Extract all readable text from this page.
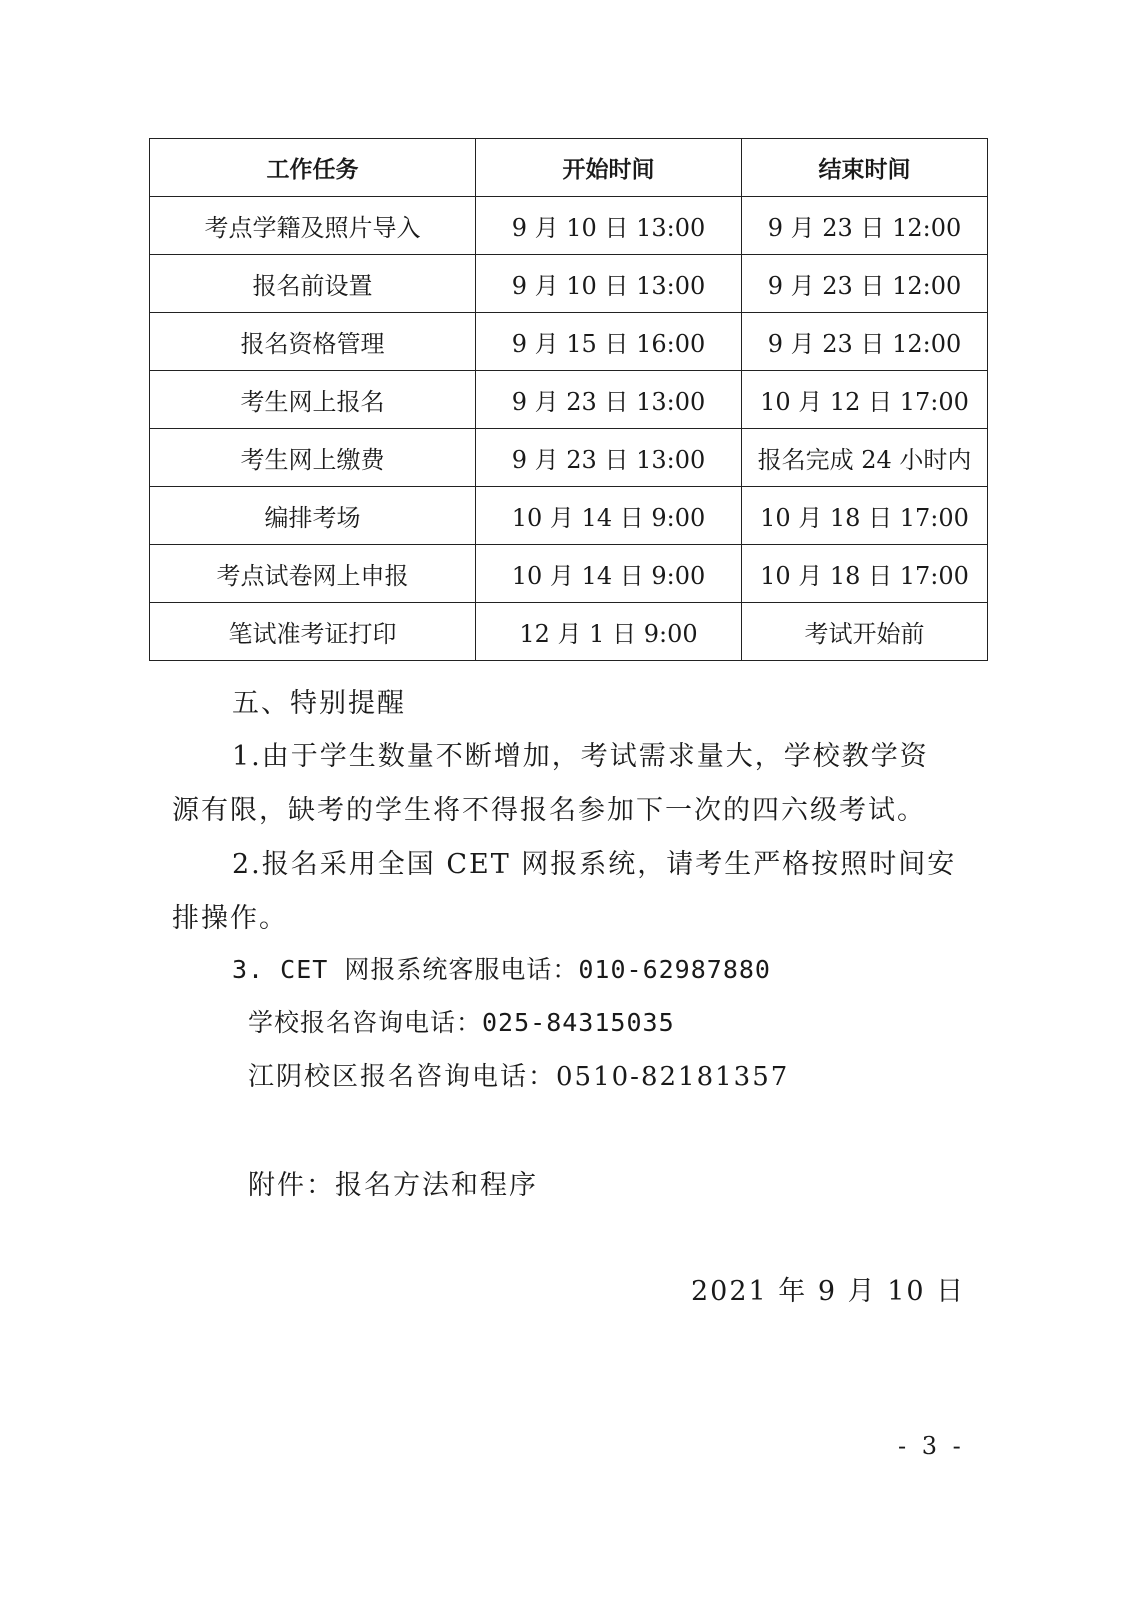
工作任务	开始时间	结束时间
考点学籍及照片导入	9 月 10 日 13:00	9 月 23 日 12:00
报名前设置	9 月 10 日 13:00	9 月 23 日 12:00
报名资格管理	9 月 15 日 16:00	9 月 23 日 12:00
考生网上报名	9 月 23 日 13:00	10 月 12 日 17:00
考生网上缴费	9 月 23 日 13:00	报名完成 24 小时内
编排考场	10 月 14 日 9:00	10 月 18 日 17:00
考点试卷网上申报	10 月 14 日 9:00	10 月 18 日 17:00
笔试准考证打印	12 月 1 日 9:00	考试开始前
五、特别提醒
1.由于学生数量不断增加，考试需求量大，学校教学资
源有限，缺考的学生将不得报名参加下一次的四六级考试。
2.报名采用全国 CET 网报系统，请考生严格按照时间安
排操作。
3. CET 网报系统客服电话：010-62987880
学校报名咨询电话：025-84315035
江阴校区报名咨询电话：0510-82181357
附件：报名方法和程序
2021 年 9 月 10 日
- 3 -
